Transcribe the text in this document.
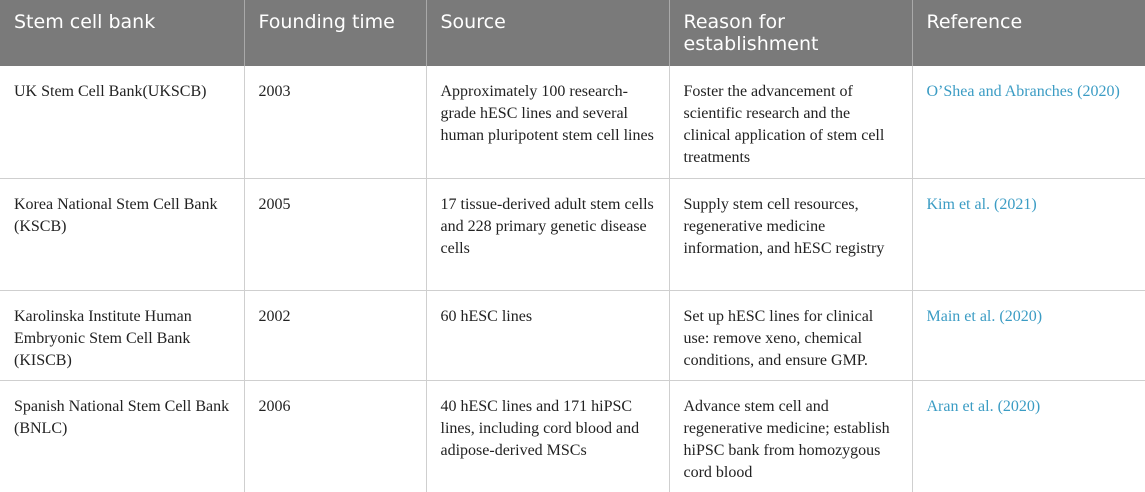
Stem cell bank	Founding time	Source	Reason for establishment	Reference
UK Stem Cell Bank(UKSCB)	2003	Approximately 100 research-grade hESC lines and several human pluripotent stem cell lines	Foster the advancement of scientific research and the clinical application of stem cell treatments	O’Shea and Abranches (2020)
Korea National Stem Cell Bank (KSCB)	2005	17 tissue-derived adult stem cells and 228 primary genetic disease cells	Supply stem cell resources, regenerative medicine information, and hESC registry	Kim et al. (2021)
Karolinska Institute Human Embryonic Stem Cell Bank (KISCB)	2002	60 hESC lines	Set up hESC lines for clinical use: remove xeno, chemical conditions, and ensure GMP.	Main et al. (2020)
Spanish National Stem Cell Bank (BNLC)	2006	40 hESC lines and 171 hiPSC lines, including cord blood and adipose-derived MSCs	Advance stem cell and regenerative medicine; establish hiPSC bank from homozygous cord blood	Aran et al. (2020)
